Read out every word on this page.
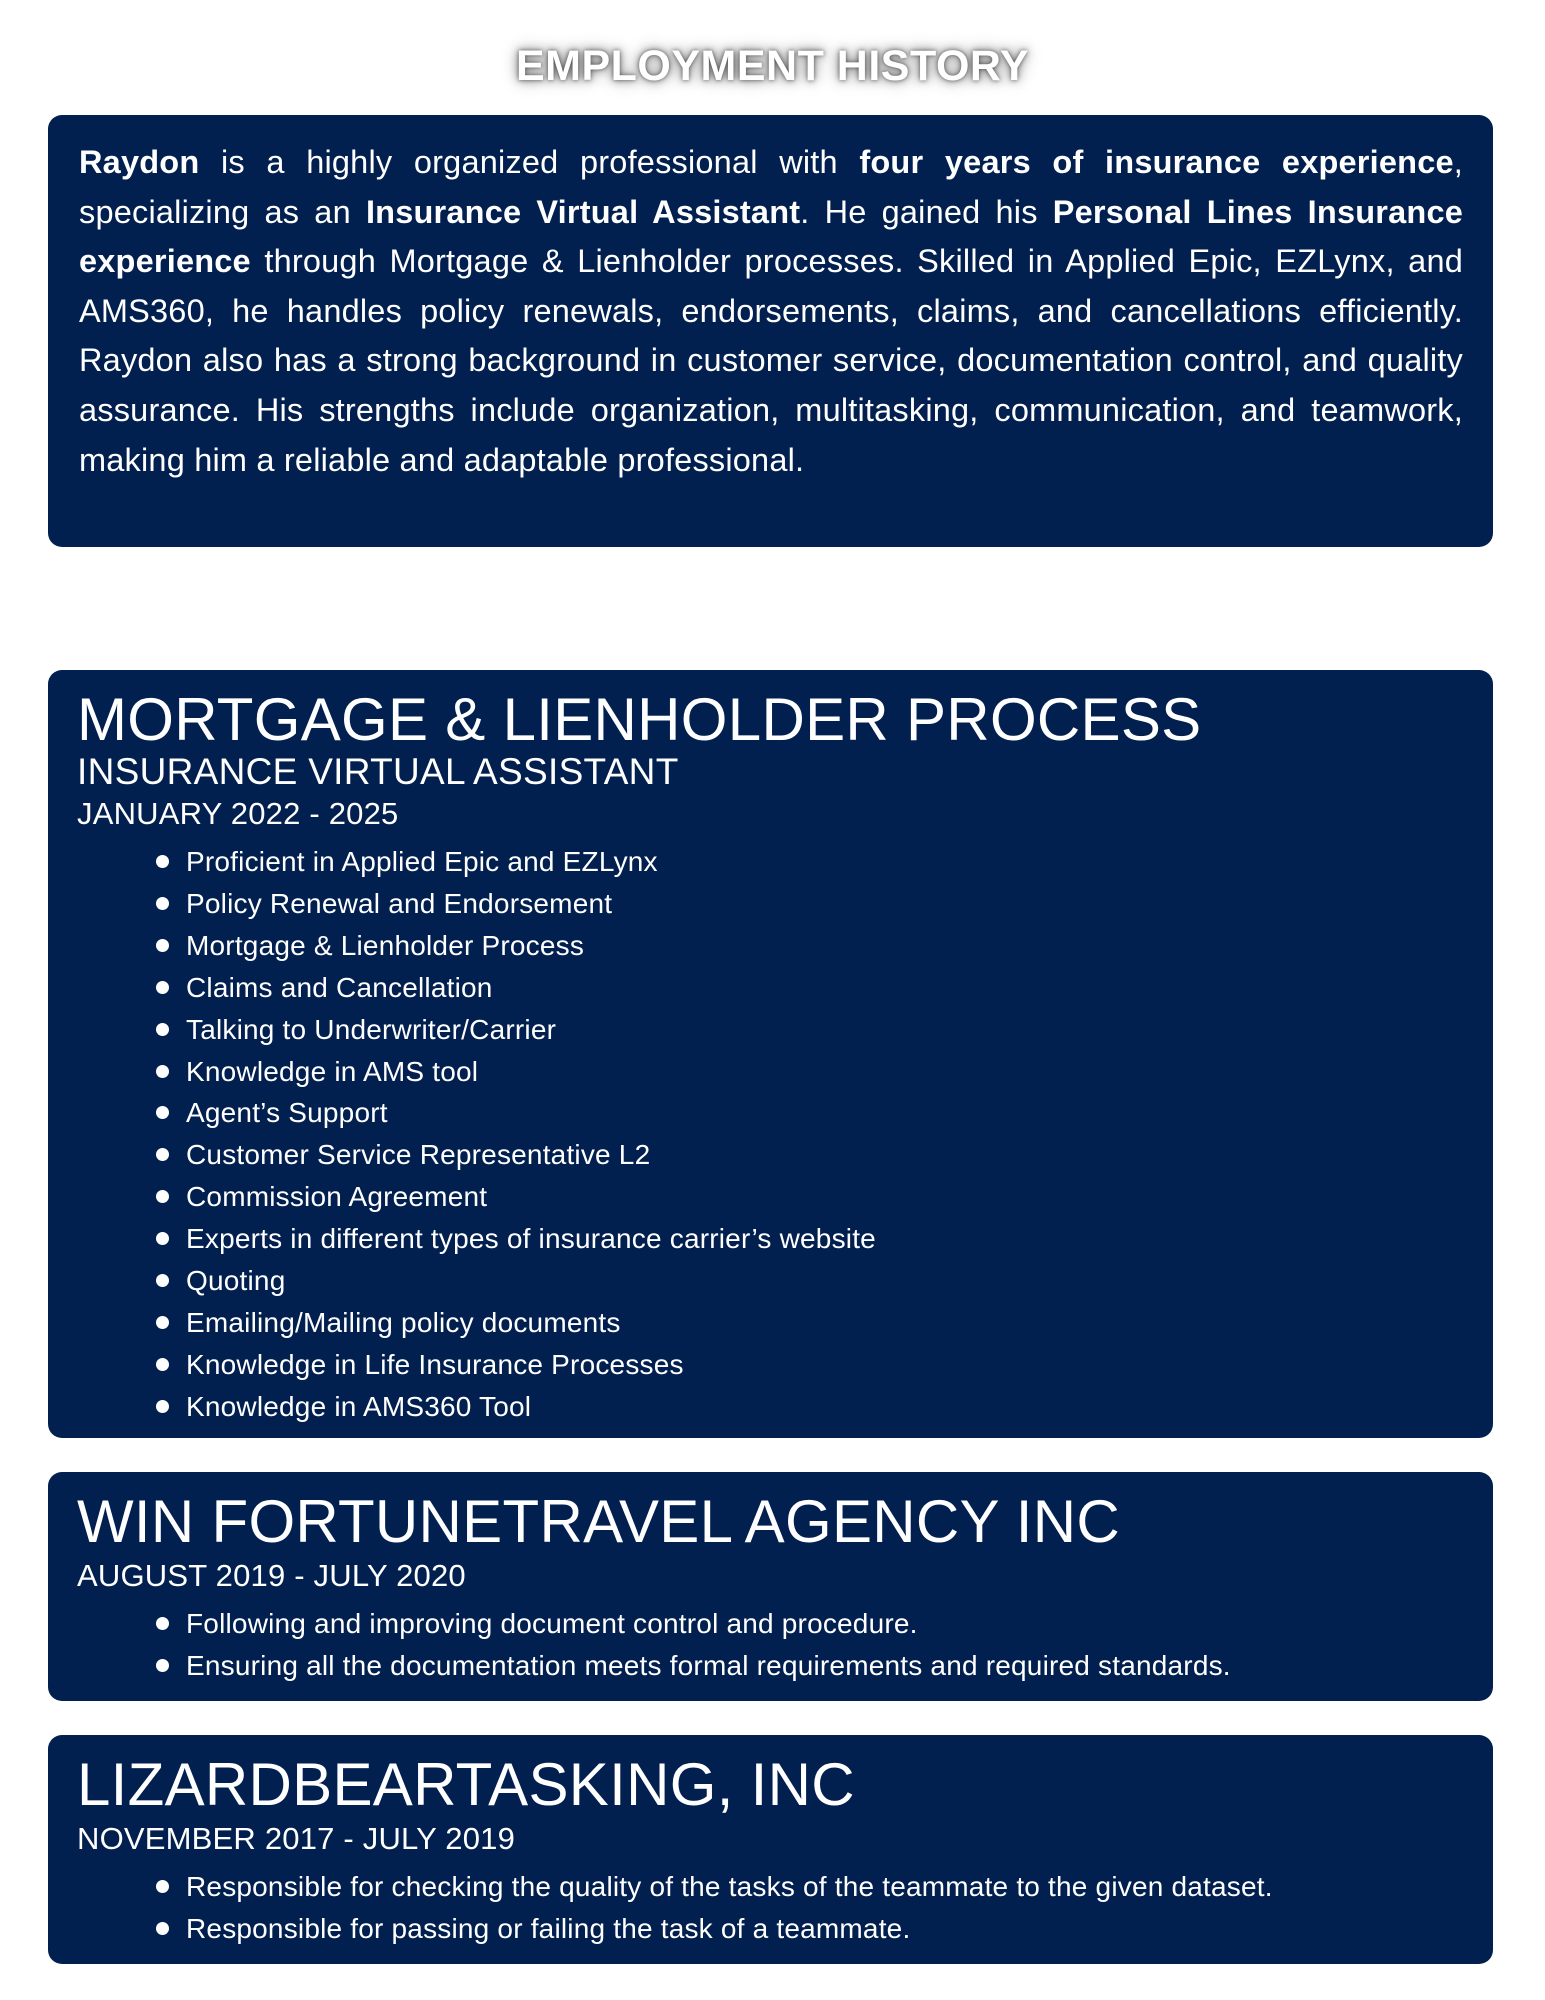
EMPLOYMENT HISTORY

Raydon is a highly organized professional with four years of insurance experience, specializing as an Insurance Virtual Assistant. He gained his Personal Lines Insurance experience through Mortgage & Lienholder processes. Skilled in Applied Epic, EZLynx, and AMS360, he handles policy renewals, endorsements, claims, and cancellations efficiently. Raydon also has a strong background in customer service, documentation control, and quality assurance. His strengths include organization, multitasking, communication, and teamwork, making him a reliable and adaptable professional.

MORTGAGE & LIENHOLDER PROCESS
INSURANCE VIRTUAL ASSISTANT
JANUARY 2022 - 2025
Proficient in Applied Epic and EZLynx
Policy Renewal and Endorsement
Mortgage & Lienholder Process
Claims and Cancellation
Talking to Underwriter/Carrier
Knowledge in AMS tool
Agent’s Support
Customer Service Representative L2
Commission Agreement
Experts in different types of insurance carrier’s website
Quoting
Emailing/Mailing policy documents
Knowledge in Life Insurance Processes
Knowledge in AMS360 Tool
WIN FORTUNETRAVEL AGENCY INC
AUGUST 2019 - JULY 2020
Following and improving document control and procedure.
Ensuring all the documentation meets formal requirements and required standards.
LIZARDBEARTASKING, INC
NOVEMBER 2017 - JULY 2019
Responsible for checking the quality of the tasks of the teammate to the given dataset.
Responsible for passing or failing the task of a teammate.
